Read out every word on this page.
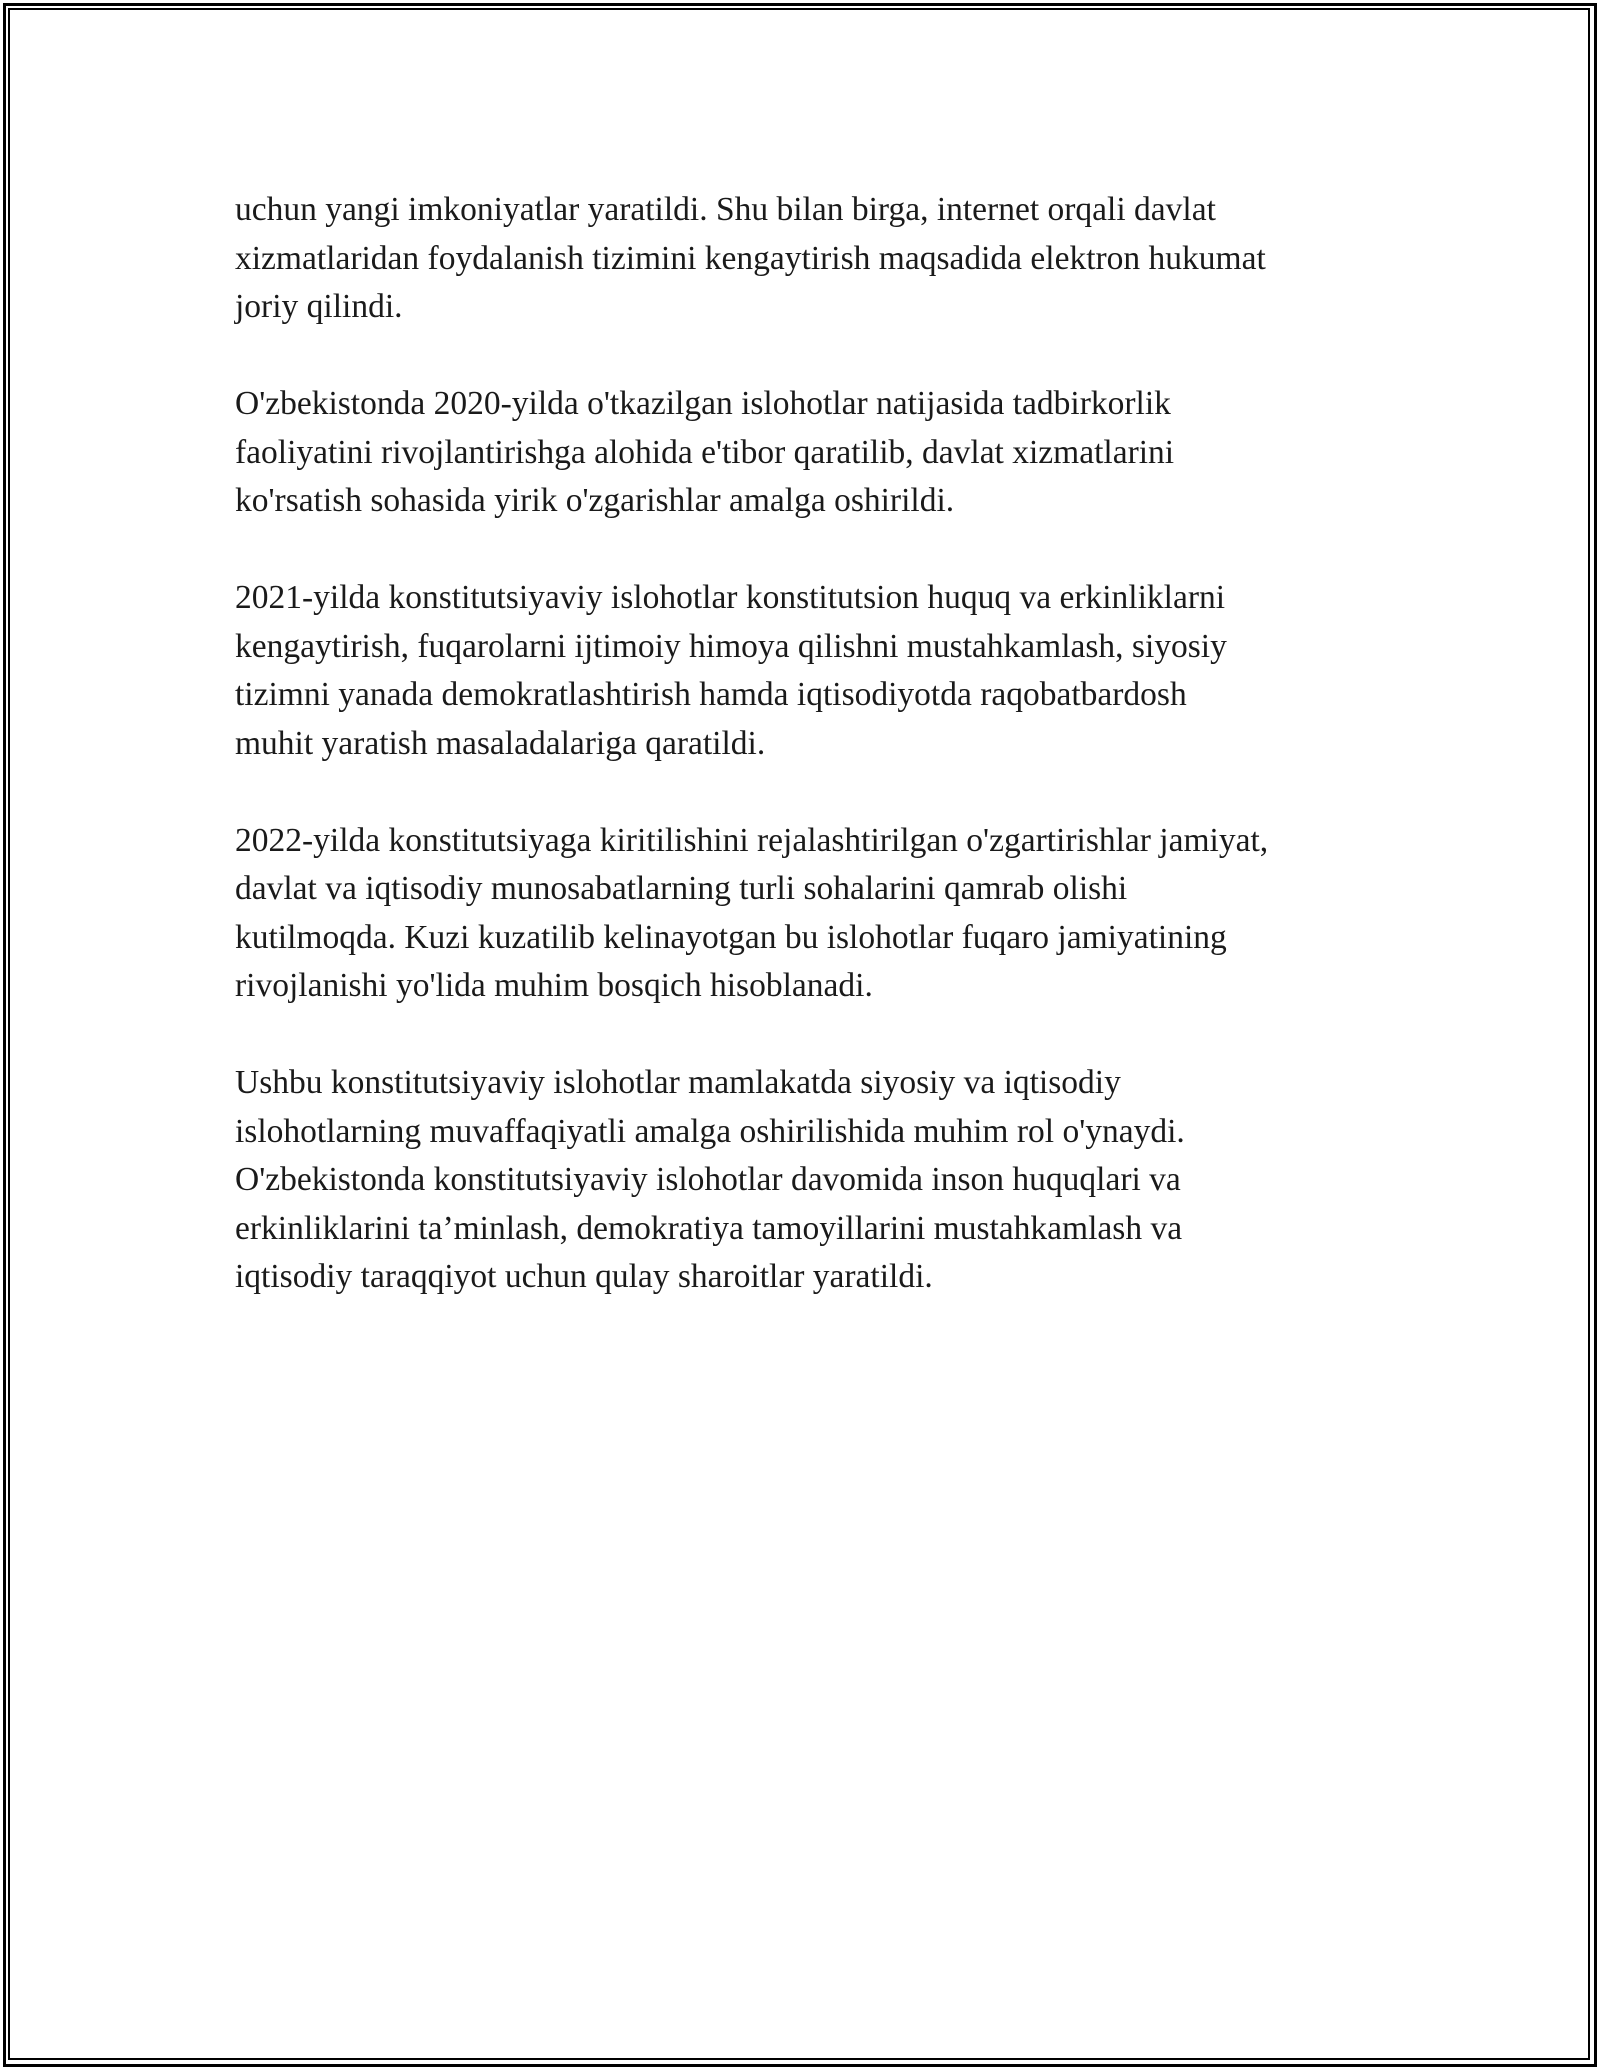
uchun yangi imkoniyatlar yaratildi. Shu bilan birga, internet orqali davlat
xizmatlaridan foydalanish tizimini kengaytirish maqsadida elektron hukumat
joriy qilindi.

O'zbekistonda 2020-yilda o'tkazilgan islohotlar natijasida tadbirkorlik
faoliyatini rivojlantirishga alohida e'tibor qaratilib, davlat xizmatlarini
ko'rsatish sohasida yirik o'zgarishlar amalga oshirildi.

2021-yilda konstitutsiyaviy islohotlar konstitutsion huquq va erkinliklarni
kengaytirish, fuqarolarni ijtimoiy himoya qilishni mustahkamlash, siyosiy
tizimni yanada demokratlashtirish hamda iqtisodiyotda raqobatbardosh
muhit yaratish masaladalariga qaratildi.

2022-yilda konstitutsiyaga kiritilishini rejalashtirilgan o'zgartirishlar jamiyat,
davlat va iqtisodiy munosabatlarning turli sohalarini qamrab olishi
kutilmoqda. Kuzi kuzatilib kelinayotgan bu islohotlar fuqaro jamiyatining
rivojlanishi yo'lida muhim bosqich hisoblanadi.

Ushbu konstitutsiyaviy islohotlar mamlakatda siyosiy va iqtisodiy
islohotlarning muvaffaqiyatli amalga oshirilishida muhim rol o'ynaydi.
O'zbekistonda konstitutsiyaviy islohotlar davomida inson huquqlari va
erkinliklarini ta’minlash, demokratiya tamoyillarini mustahkamlash va
iqtisodiy taraqqiyot uchun qulay sharoitlar yaratildi.
